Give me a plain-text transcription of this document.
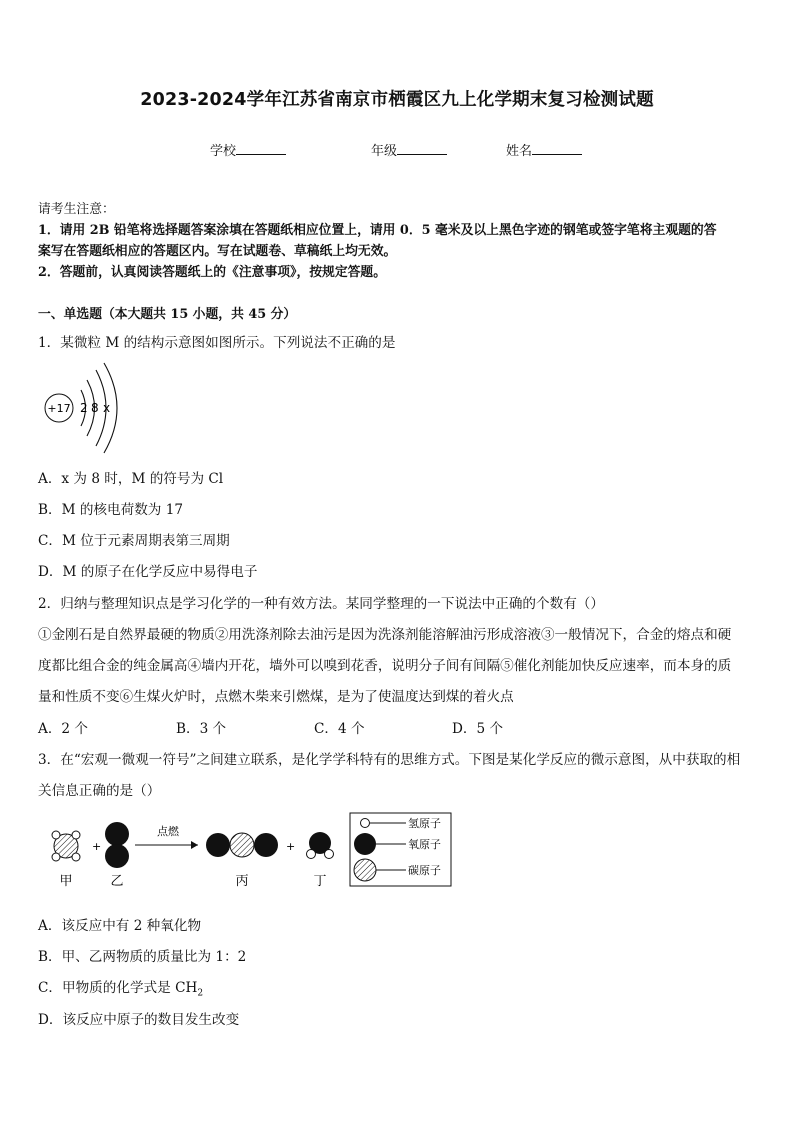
2023-2024学年江苏省南京市栖霞区九上化学期末复习检测试题
学校	年级	姓名
请考生注意：
1．请用 2B 铅笔将选择题答案涂填在答题纸相应位置上，请用 0．5 毫米及以上黑色字迹的钢笔或签字笔将主观题的答
案写在答题纸相应的答题区内。写在试题卷、草稿纸上均无效。
2．答题前，认真阅读答题纸上的《注意事项》，按规定答题。
一、单选题（本大题共 15 小题，共 45 分）
1．某微粒 M 的结构示意图如图所示。下列说法不正确的是
+17 2 8 x
A．x 为 8 时，M 的符号为 Cl
B．M 的核电荷数为 17
C．M 位于元素周期表第三周期
D．M 的原子在化学反应中易得电子
2．归纳与整理知识点是学习化学的一种有效方法。某同学整理的一下说法中正确的个数有（）
①金刚石是自然界最硬的物质②用洗涤剂除去油污是因为洗涤剂能溶解油污形成溶液③一般情况下，合金的熔点和硬
度都比组合金的纯金属高④墙内开花，墙外可以嗅到花香，说明分子间有间隔⑤催化剂能加快反应速率，而本身的质
量和性质不变⑥生煤火炉时，点燃木柴来引燃煤，是为了使温度达到煤的着火点
A．2 个	B．3 个	C．4 个	D．5 个
3．在“宏观一微观一符号”之间建立联系，是化学学科特有的思维方式。下图是某化学反应的微示意图，从中获取的相
关信息正确的是（）
+
点燃
+
甲	乙	丙	丁
氢原子
氧原子
碳原子
A．该反应中有 2 种氧化物
B．甲、乙两物质的质量比为 1：2
C．甲物质的化学式是 $CH_2$
D．该反应中原子的数目发生改变
